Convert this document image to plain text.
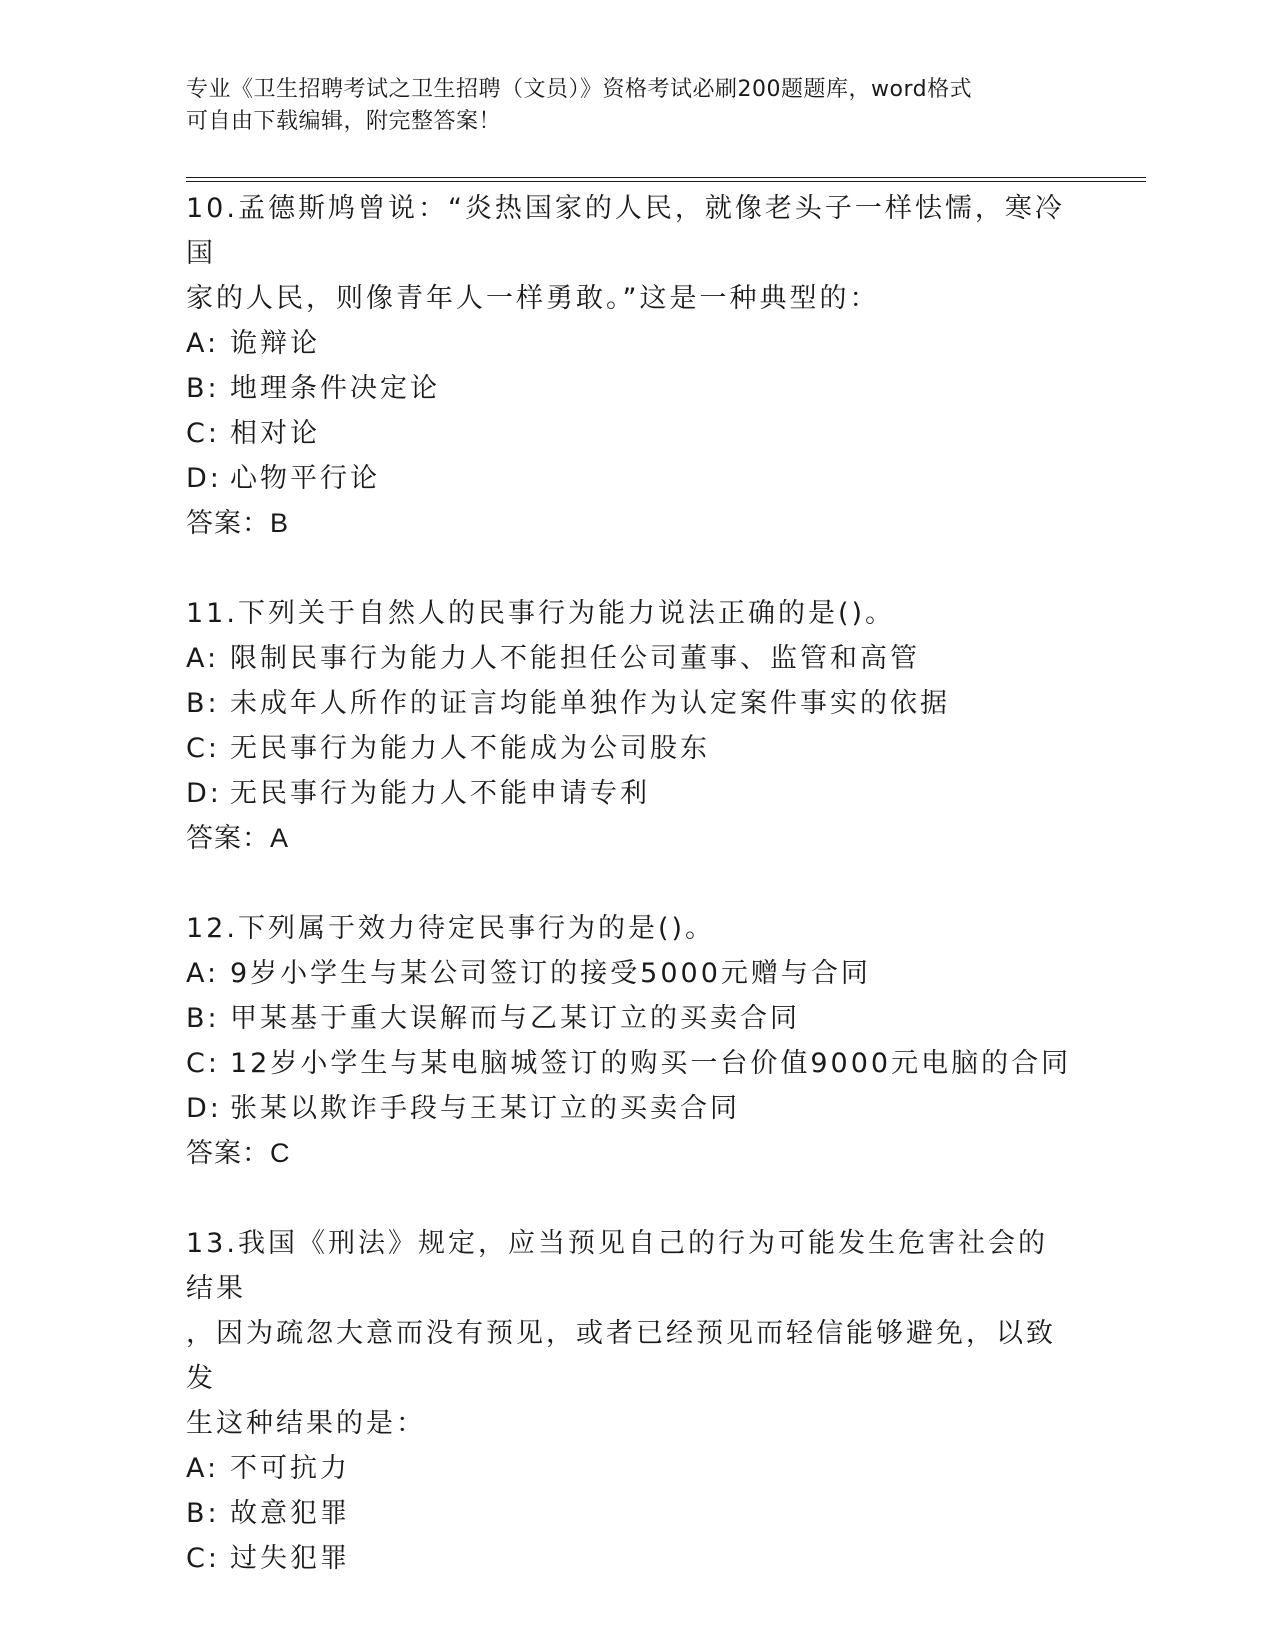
专业《卫生招聘考试之卫生招聘（文员）》资格考试必刷200题题库，word格式
可自由下载编辑，附完整答案！
10.孟德斯鸠曾说：“炎热国家的人民，就像老头子一样怯懦，寒冷国
家的人民，则像青年人一样勇敢。”这是一种典型的：
A: 诡辩论
B: 地理条件决定论
C: 相对论
D: 心物平行论
答案：B
11.下列关于自然人的民事行为能力说法正确的是()。
A: 限制民事行为能力人不能担任公司董事、监管和高管
B: 未成年人所作的证言均能单独作为认定案件事实的依据
C: 无民事行为能力人不能成为公司股东
D: 无民事行为能力人不能申请专利
答案：A
12.下列属于效力待定民事行为的是()。
A: 9岁小学生与某公司签订的接受5000元赠与合同
B: 甲某基于重大误解而与乙某订立的买卖合同
C: 12岁小学生与某电脑城签订的购买一台价值9000元电脑的合同
D: 张某以欺诈手段与王某订立的买卖合同
答案：C
13.我国《刑法》规定，应当预见自己的行为可能发生危害社会的结果
，因为疏忽大意而没有预见，或者已经预见而轻信能够避免，以致发
生这种结果的是：
A: 不可抗力
B: 故意犯罪
C: 过失犯罪
